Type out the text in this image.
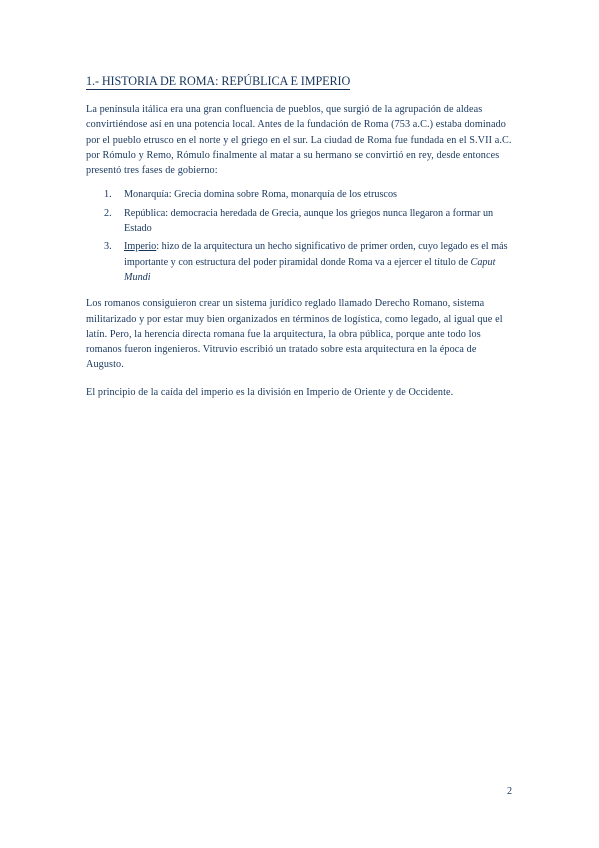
1.- HISTORIA DE ROMA: REPÚBLICA E IMPERIO

La península itálica era una gran confluencia de pueblos, que surgió de la agrupación de aldeas convirtiéndose así en una potencia local. Antes de la fundación de Roma (753 a.C.) estaba dominado por el pueblo etrusco en el norte y el griego en el sur. La ciudad de Roma fue fundada en el S.VII a.C. por Rómulo y Remo, Rómulo finalmente al matar a su hermano se convirtió en rey, desde entonces presentó tres fases de gobierno:

1.	Monarquía: Grecia domina sobre Roma, monarquía de los etruscos
2.	República: democracia heredada de Grecia, aunque los griegos nunca llegaron a formar un Estado
3.	Imperio: hizo de la arquitectura un hecho significativo de primer orden, cuyo legado es el más importante y con estructura del poder piramidal donde Roma va a ejercer el título de Caput Mundi

Los romanos consiguieron crear un sistema jurídico reglado llamado Derecho Romano, sistema militarizado y por estar muy bien organizados en términos de logística, como legado, al igual que el latín. Pero, la herencia directa romana fue la arquitectura, la obra pública, porque ante todo los romanos fueron ingenieros. Vitruvio escribió un tratado sobre esta arquitectura en la época de Augusto.

El principio de la caída del imperio es la división en Imperio de Oriente y de Occidente.

2
